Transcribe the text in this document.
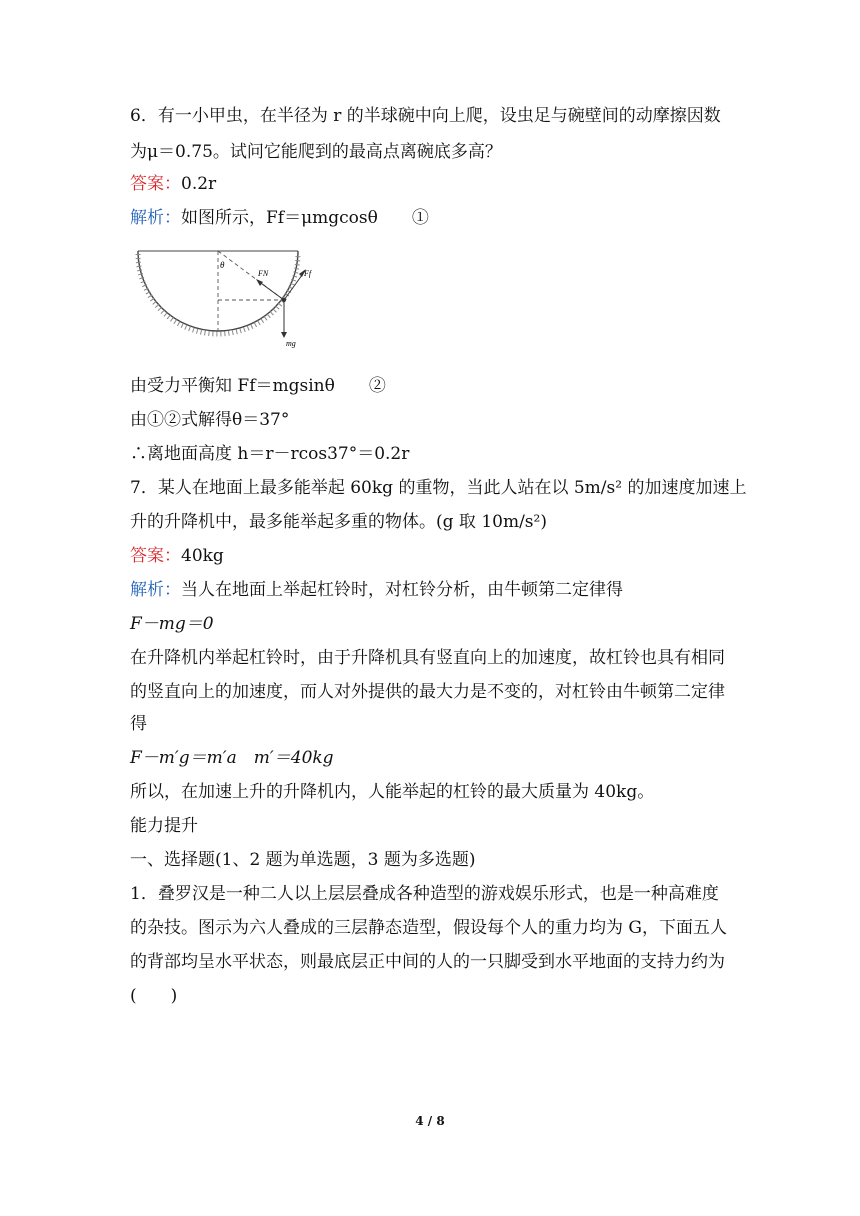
6．有一小甲虫，在半径为 r 的半球碗中向上爬，设虫足与碗壁间的动摩擦因数
为μ＝0.75。试问它能爬到的最高点离碗底多高？
答案：0.2r
解析：如图所示，Ff＝μmgcosθ　　①
θ
FN	Ff
mg
由受力平衡知 Ff＝mgsinθ　　②
由①②式解得θ＝37°
∴离地面高度 h＝r－rcos37°＝0.2r
7．某人在地面上最多能举起 60kg 的重物，当此人站在以 5m/s² 的加速度加速上
升的升降机中，最多能举起多重的物体。(g 取 10m/s²)
答案：40kg
解析：当人在地面上举起杠铃时，对杠铃分析，由牛顿第二定律得
F－mg＝0
在升降机内举起杠铃时，由于升降机具有竖直向上的加速度，故杠铃也具有相同
的竖直向上的加速度，而人对外提供的最大力是不变的，对杠铃由牛顿第二定律
得
F－m′g＝m′a　m′＝40kg
所以，在加速上升的升降机内，人能举起的杠铃的最大质量为 40kg。
能力提升
一、选择题(1、2 题为单选题，3 题为多选题)
1．叠罗汉是一种二人以上层层叠成各种造型的游戏娱乐形式，也是一种高难度
的杂技。图示为六人叠成的三层静态造型，假设每个人的重力均为 G，下面五人
的背部均呈水平状态，则最底层正中间的人的一只脚受到水平地面的支持力约为
(　　)
4 / 8
